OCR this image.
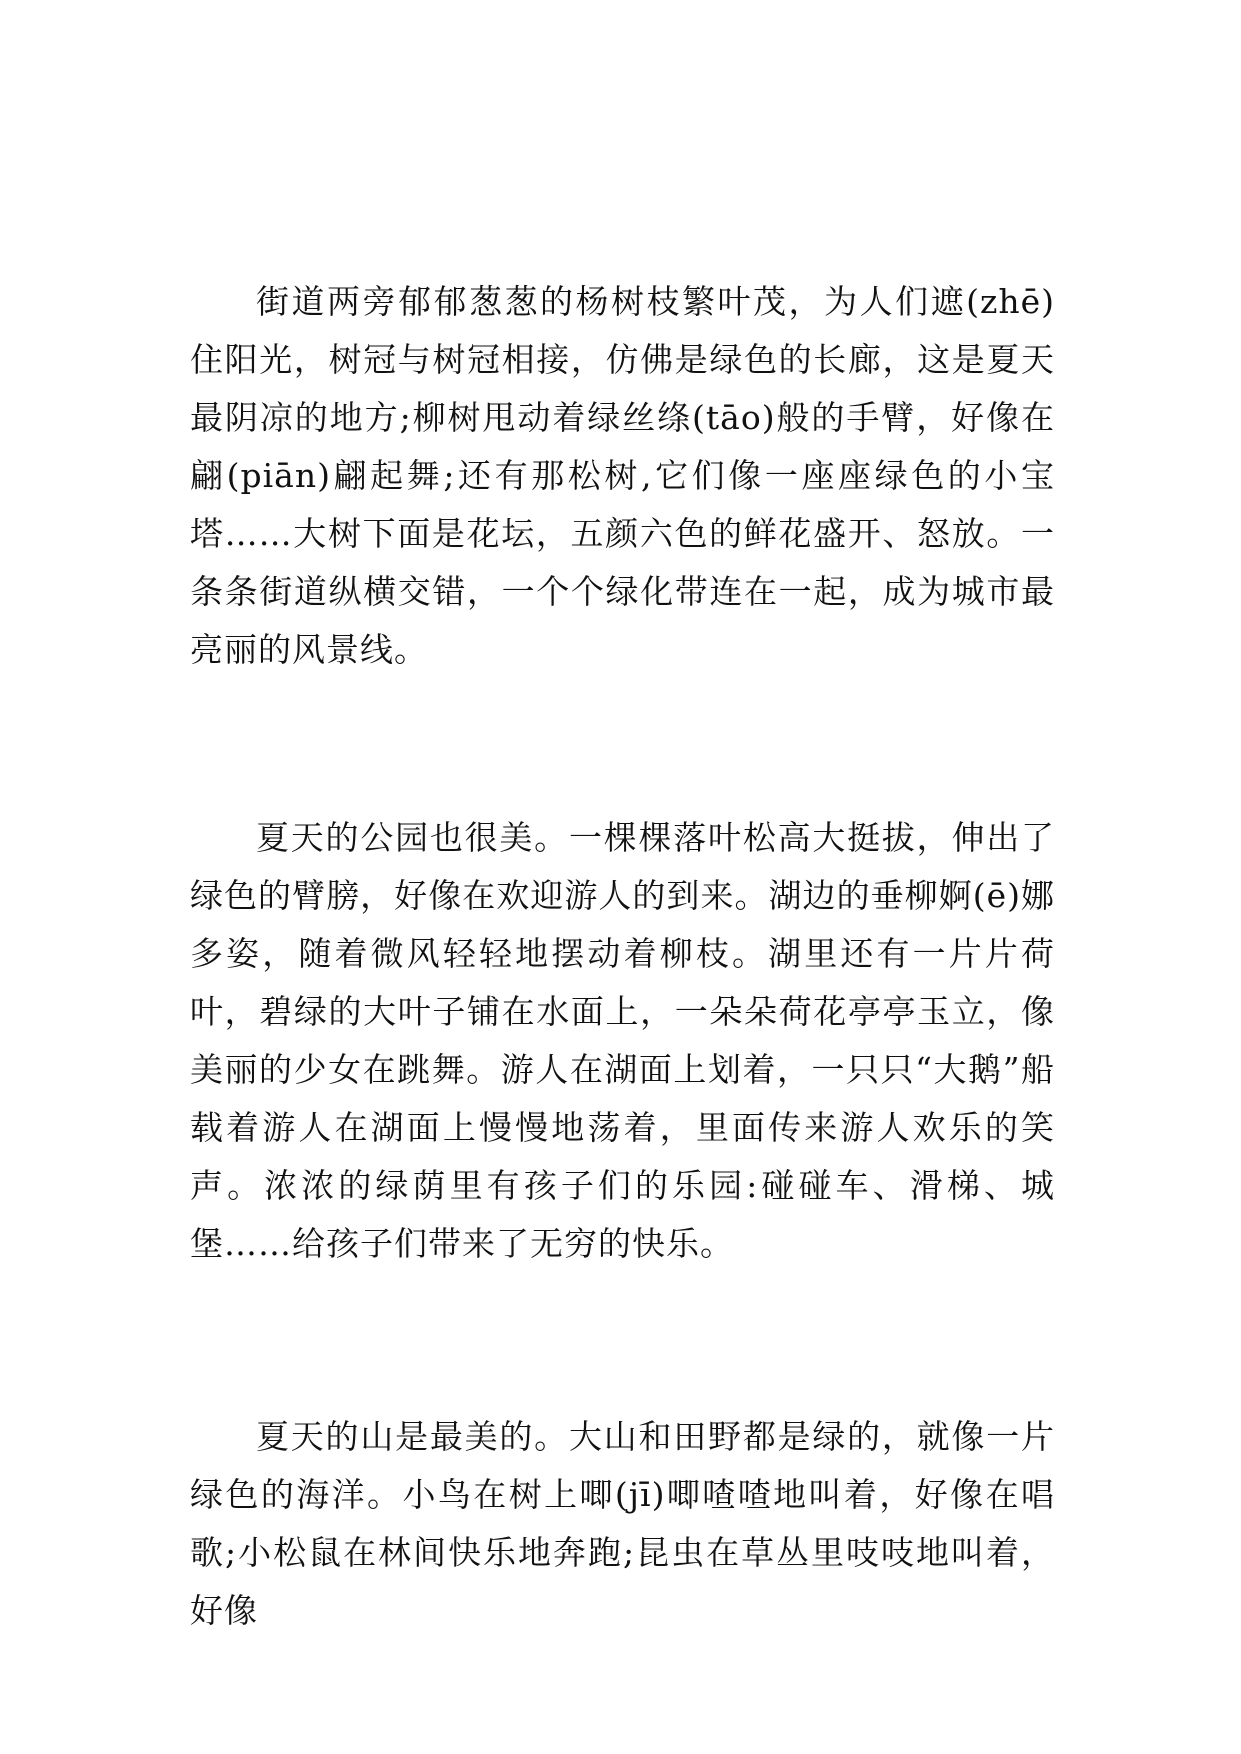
街道两旁郁郁葱葱的杨树枝繁叶茂，为人们遮(zhē)住阳光，树冠与树冠相接，仿佛是绿色的长廊，这是夏天最阴凉的地方;柳树甩动着绿丝绦(tāo)般的手臂，好像在翩(piān)翩起舞;还有那松树,它们像一座座绿色的小宝塔……大树下面是花坛，五颜六色的鲜花盛开、怒放。一条条街道纵横交错，一个个绿化带连在一起，成为城市最亮丽的风景线。

夏天的公园也很美。一棵棵落叶松高大挺拔，伸出了绿色的臂膀，好像在欢迎游人的到来。湖边的垂柳婀(ē)娜多姿，随着微风轻轻地摆动着柳枝。湖里还有一片片荷叶，碧绿的大叶子铺在水面上，一朵朵荷花亭亭玉立，像美丽的少女在跳舞。游人在湖面上划着，一只只“大鹅”船载着游人在湖面上慢慢地荡着，里面传来游人欢乐的笑声。浓浓的绿荫里有孩子们的乐园:碰碰车、滑梯、城堡……给孩子们带来了无穷的快乐。

夏天的山是最美的。大山和田野都是绿的，就像一片绿色的海洋。小鸟在树上唧(jī)唧喳喳地叫着，好像在唱歌;小松鼠在林间快乐地奔跑;昆虫在草丛里吱吱地叫着，好像
